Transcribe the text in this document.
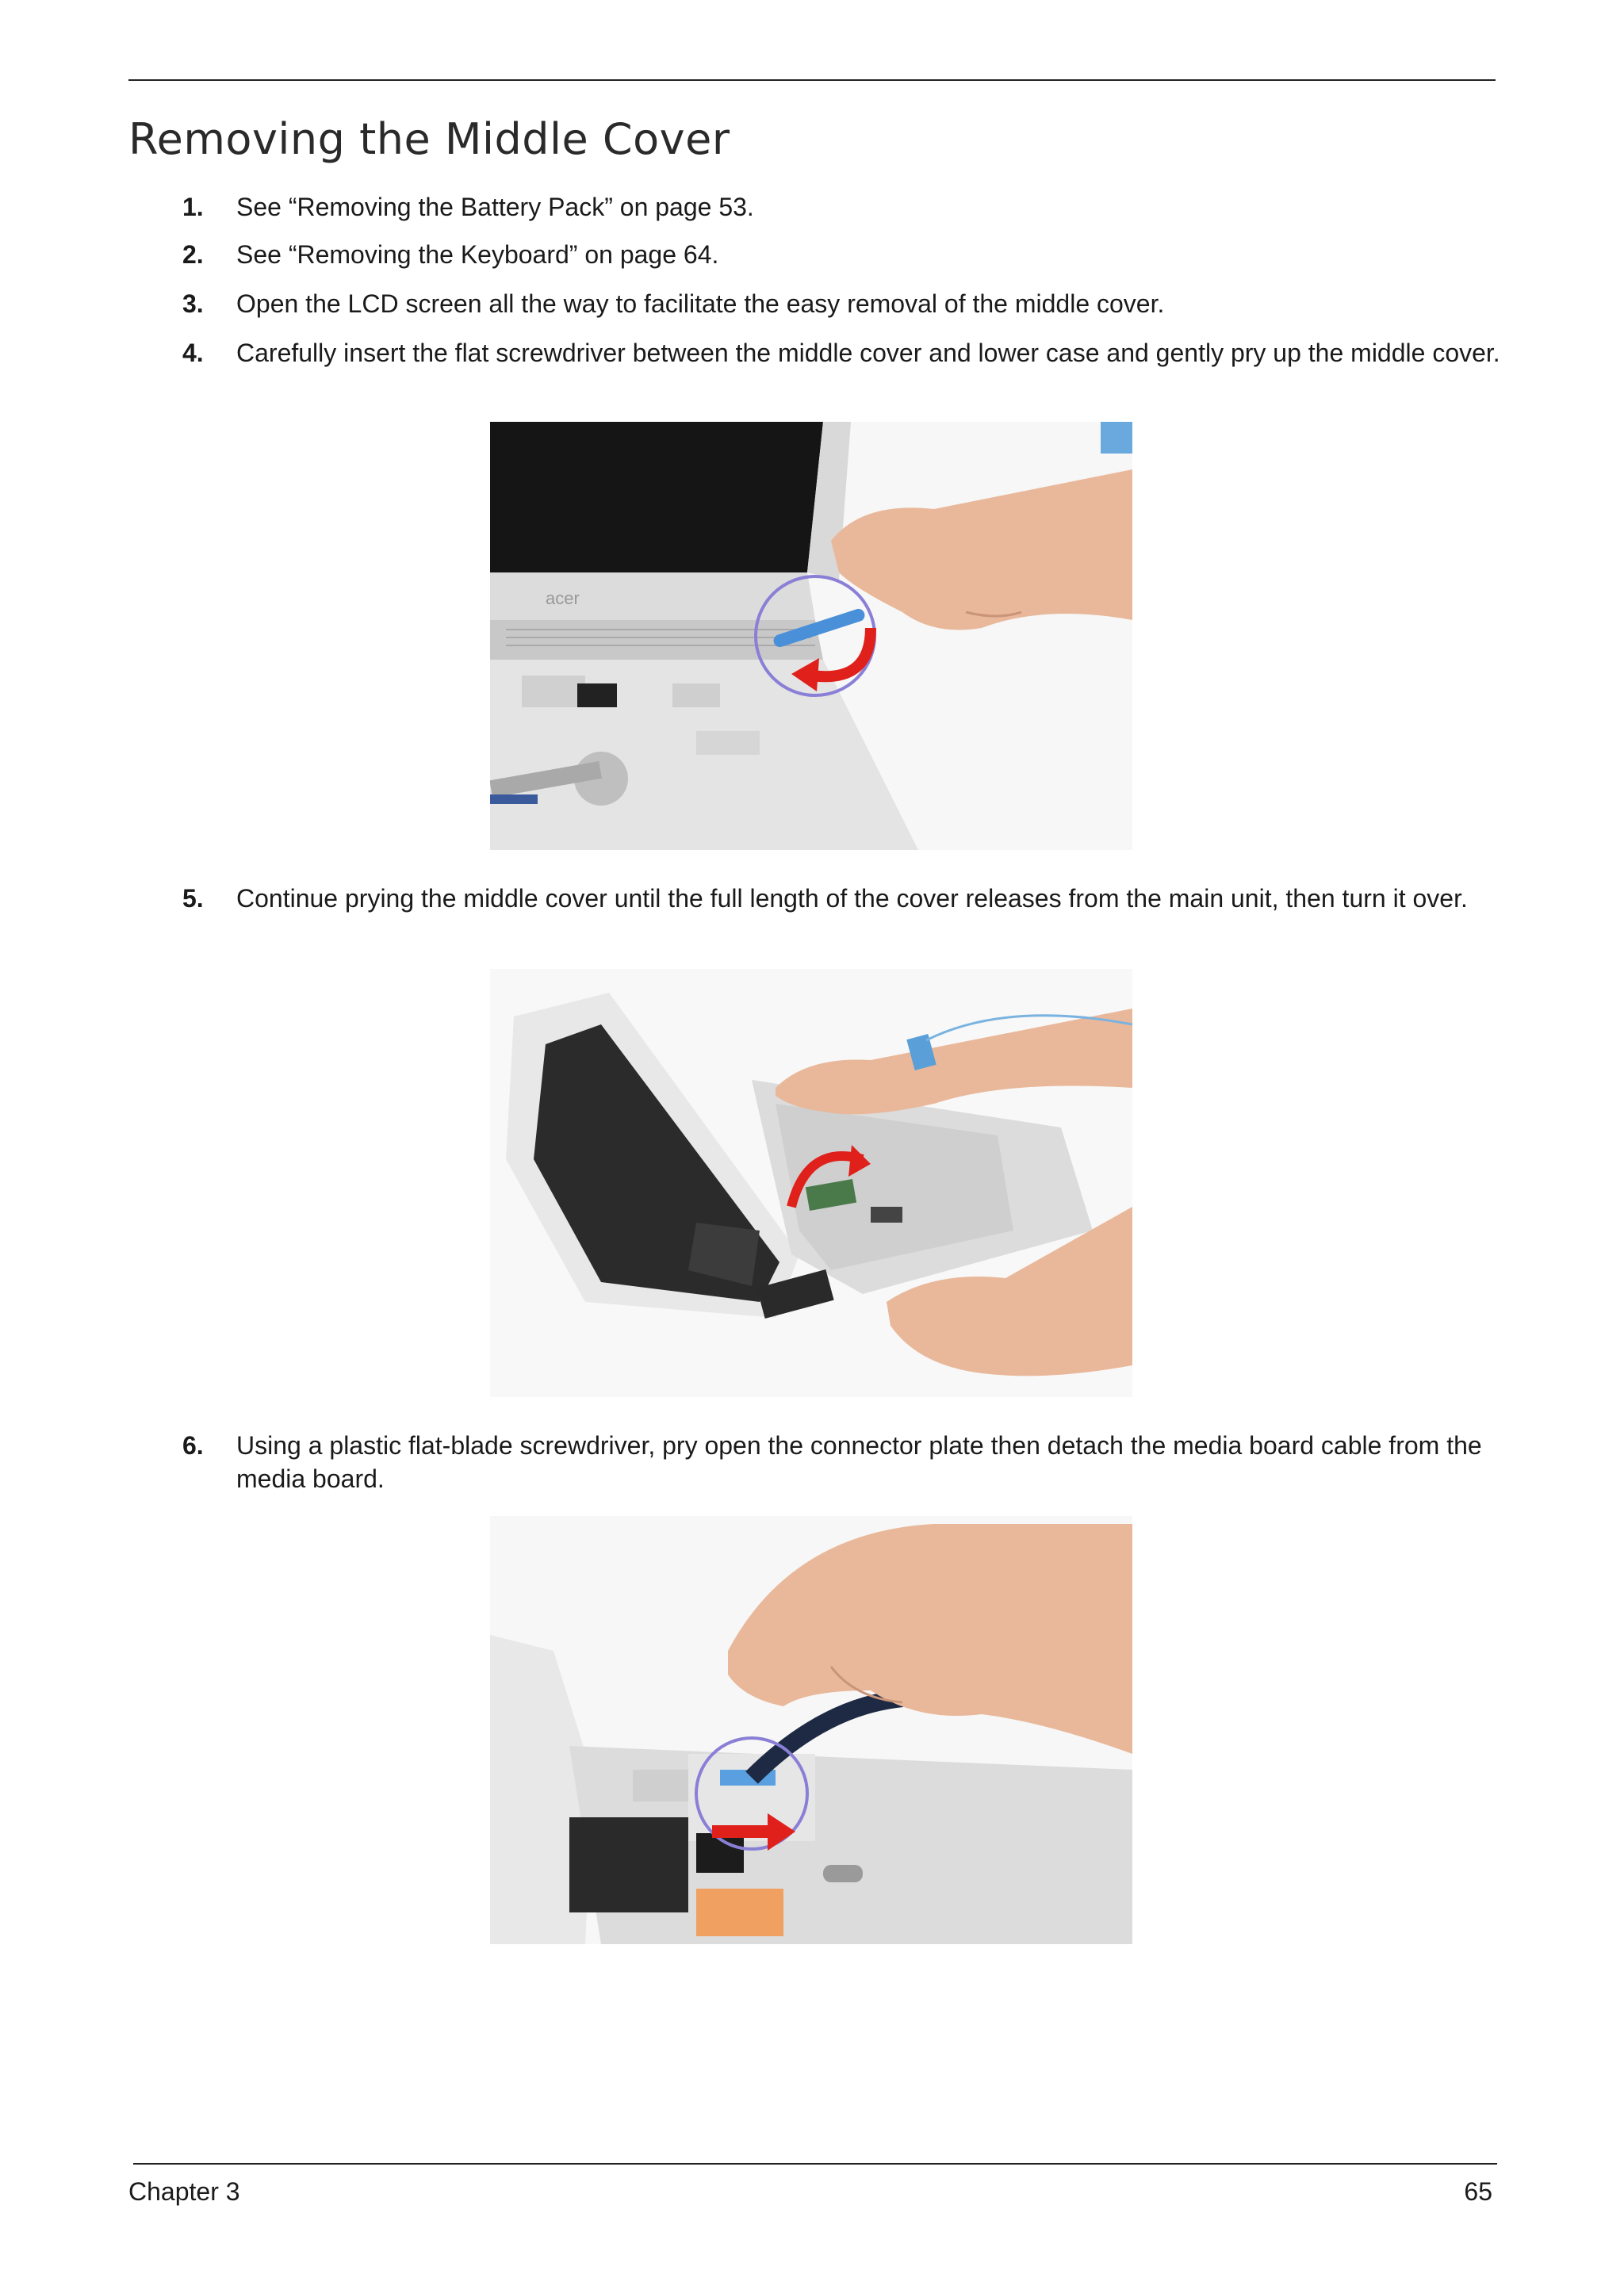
Removing the Middle Cover
1.	See “Removing the Battery Pack” on page 53.
2.	See “Removing the Keyboard” on page 64.
3.	Open the LCD screen all the way to facilitate the easy removal of the middle cover.
4.	Carefully insert the flat screwdriver between the middle cover and lower case and gently pry up the middle cover.
acer
5.	Continue prying the middle cover until the full length of the cover releases from the main unit, then turn it over.
6.	Using a plastic flat-blade screwdriver, pry open the connector plate then detach the media board cable from the media board.
Chapter 3	65
